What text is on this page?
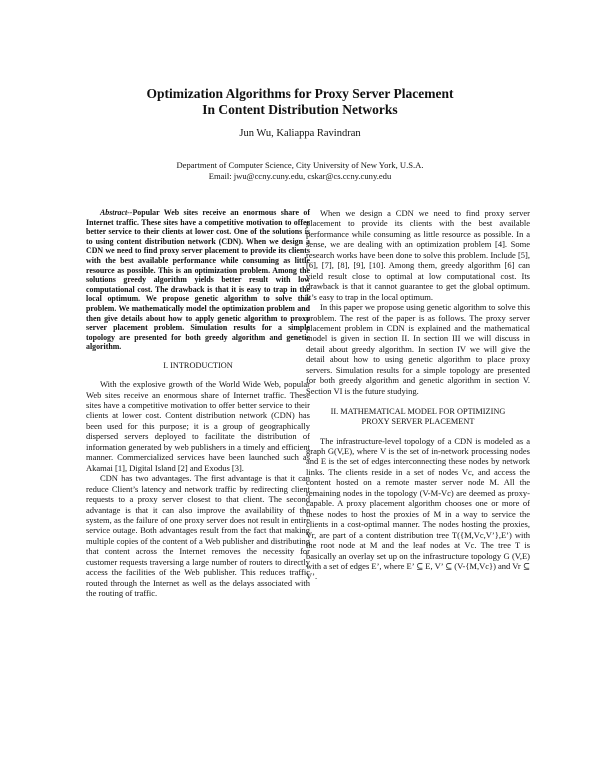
Optimization Algorithms for Proxy Server Placement
In Content Distribution Networks
Jun Wu, Kaliappa Ravindran
Department of Computer Science, City University of New York, U.S.A.
Email: jwu@ccny.cuny.edu, cskar@cs.ccny.cuny.edu

Abstract--Popular Web sites receive an enormous share of Internet traffic. These sites have a competitive motivation to offer better service to their clients at lower cost. One of the solutions is to using content distribution network (CDN). When we design a CDN we need to find proxy server placement to provide its clients with the best available performance while consuming as little resource as possible. This is an optimization problem. Among the solutions greedy algorithm yields better result with low computational cost. The drawback is that it is easy to trap in the local optimum. We propose genetic algorithm to solve this problem. We mathematically model the optimization problem and then give details about how to apply genetic algorithm to proxy server placement problem. Simulation results for a simple topology are presented for both greedy algorithm and genetic algorithm.

I. INTRODUCTION

With the explosive growth of the World Wide Web, popular Web sites receive an enormous share of Internet traffic. These sites have a competitive motivation to offer better service to their clients at lower cost. Content distribution network (CDN) has been used for this purpose; it is a group of geographically dispersed servers deployed to facilitate the distribution of information generated by web publishers in a timely and efficient manner. Commercialized services have been launched such as Akamai [1], Digital Island [2] and Exodus [3].

CDN has two advantages. The first advantage is that it can reduce Client’s latency and network traffic by redirecting client requests to a proxy server closest to that client. The second advantage is that it can also improve the availability of the system, as the failure of one proxy server does not result in entire service outage. Both advantages result from the fact that making multiple copies of the content of a Web publisher and distributing that content across the Internet removes the necessity for customer requests traversing a large number of routers to directly access the facilities of the Web publisher. This reduces traffic routed through the Internet as well as the delays associated with the routing of traffic.

When we design a CDN we need to find proxy server placement to provide its clients with the best available performance while consuming as little resource as possible. In a sense, we are dealing with an optimization problem [4]. Some research works have been done to solve this problem. Include [5], [6], [7], [8], [9], [10]. Among them, greedy algorithm [6] can yield result close to optimal at low computational cost. Its drawback is that it cannot guarantee to get the global optimum. It’s easy to trap in the local optimum.

In this paper we propose using genetic algorithm to solve this problem. The rest of the paper is as follows. The proxy server placement problem in CDN is explained and the mathematical model is given in section II. In section III we will discuss in detail about greedy algorithm. In section IV we will give the detail about how to using genetic algorithm to place proxy servers. Simulation results for a simple topology are presented for both greedy algorithm and genetic algorithm in section V. Section VI is the future studying.

II. MATHEMATICAL MODEL FOR OPTIMIZING
PROXY SERVER PLACEMENT

The infrastructure-level topology of a CDN is modeled as a graph G(V,E), where V is the set of in-network processing nodes and E is the set of edges interconnecting these nodes by network links. The clients reside in a set of nodes Vc, and access the content hosted on a remote master server node M. All the remaining nodes in the topology (V-M-Vc) are deemed as proxy-capable. A proxy placement algorithm chooses one or more of these nodes to host the proxies of M in a way to service the clients in a cost-optimal manner. The nodes hosting the proxies, Vr, are part of a content distribution tree T({M,Vc,V’},E’) with the root node at M and the leaf nodes at Vc. The tree T is basically an overlay set up on the infrastructure topology G (V,E) with a set of edges E’, where E’ ⊆ E, V’ ⊆ (V-{M,Vc}) and Vr ⊆ V’.
